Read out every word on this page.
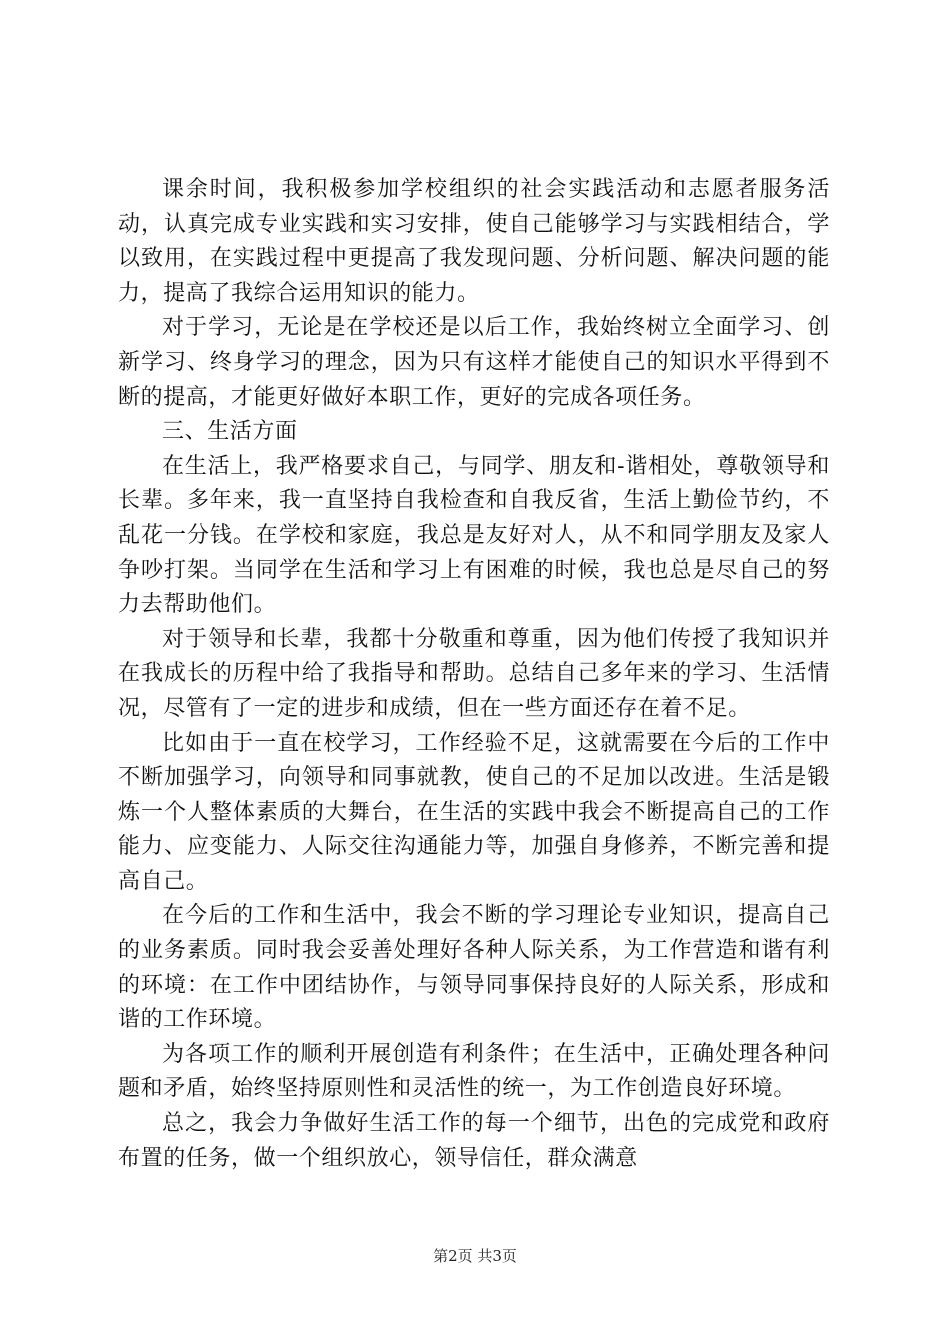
课余时间，我积极参加学校组织的社会实践活动和志愿者服务活动，认真完成专业实践和实习安排，使自己能够学习与实践相结合，学以致用，在实践过程中更提高了我发现问题、分析问题、解决问题的能力，提高了我综合运用知识的能力。

对于学习，无论是在学校还是以后工作，我始终树立全面学习、创新学习、终身学习的理念，因为只有这样才能使自己的知识水平得到不断的提高，才能更好做好本职工作，更好的完成各项任务。

三、生活方面

在生活上，我严格要求自己，与同学、朋友和-谐相处，尊敬领导和长辈。多年来，我一直坚持自我检查和自我反省，生活上勤俭节约，不乱花一分钱。在学校和家庭，我总是友好对人，从不和同学朋友及家人争吵打架。当同学在生活和学习上有困难的时候，我也总是尽自己的努力去帮助他们。

对于领导和长辈，我都十分敬重和尊重，因为他们传授了我知识并在我成长的历程中给了我指导和帮助。总结自己多年来的学习、生活情况，尽管有了一定的进步和成绩，但在一些方面还存在着不足。

比如由于一直在校学习，工作经验不足，这就需要在今后的工作中不断加强学习，向领导和同事就教，使自己的不足加以改进。生活是锻炼一个人整体素质的大舞台，在生活的实践中我会不断提高自己的工作能力、应变能力、人际交往沟通能力等，加强自身修养，不断完善和提高自己。

在今后的工作和生活中，我会不断的学习理论专业知识，提高自己的业务素质。同时我会妥善处理好各种人际关系，为工作营造和谐有利的环境：在工作中团结协作，与领导同事保持良好的人际关系，形成和谐的工作环境。

为各项工作的顺利开展创造有利条件；在生活中，正确处理各种问题和矛盾，始终坚持原则性和灵活性的统一，为工作创造良好环境。

总之，我会力争做好生活工作的每一个细节，出色的完成党和政府布置的任务，做一个组织放心，领导信任，群众满意

第2页 共3页
